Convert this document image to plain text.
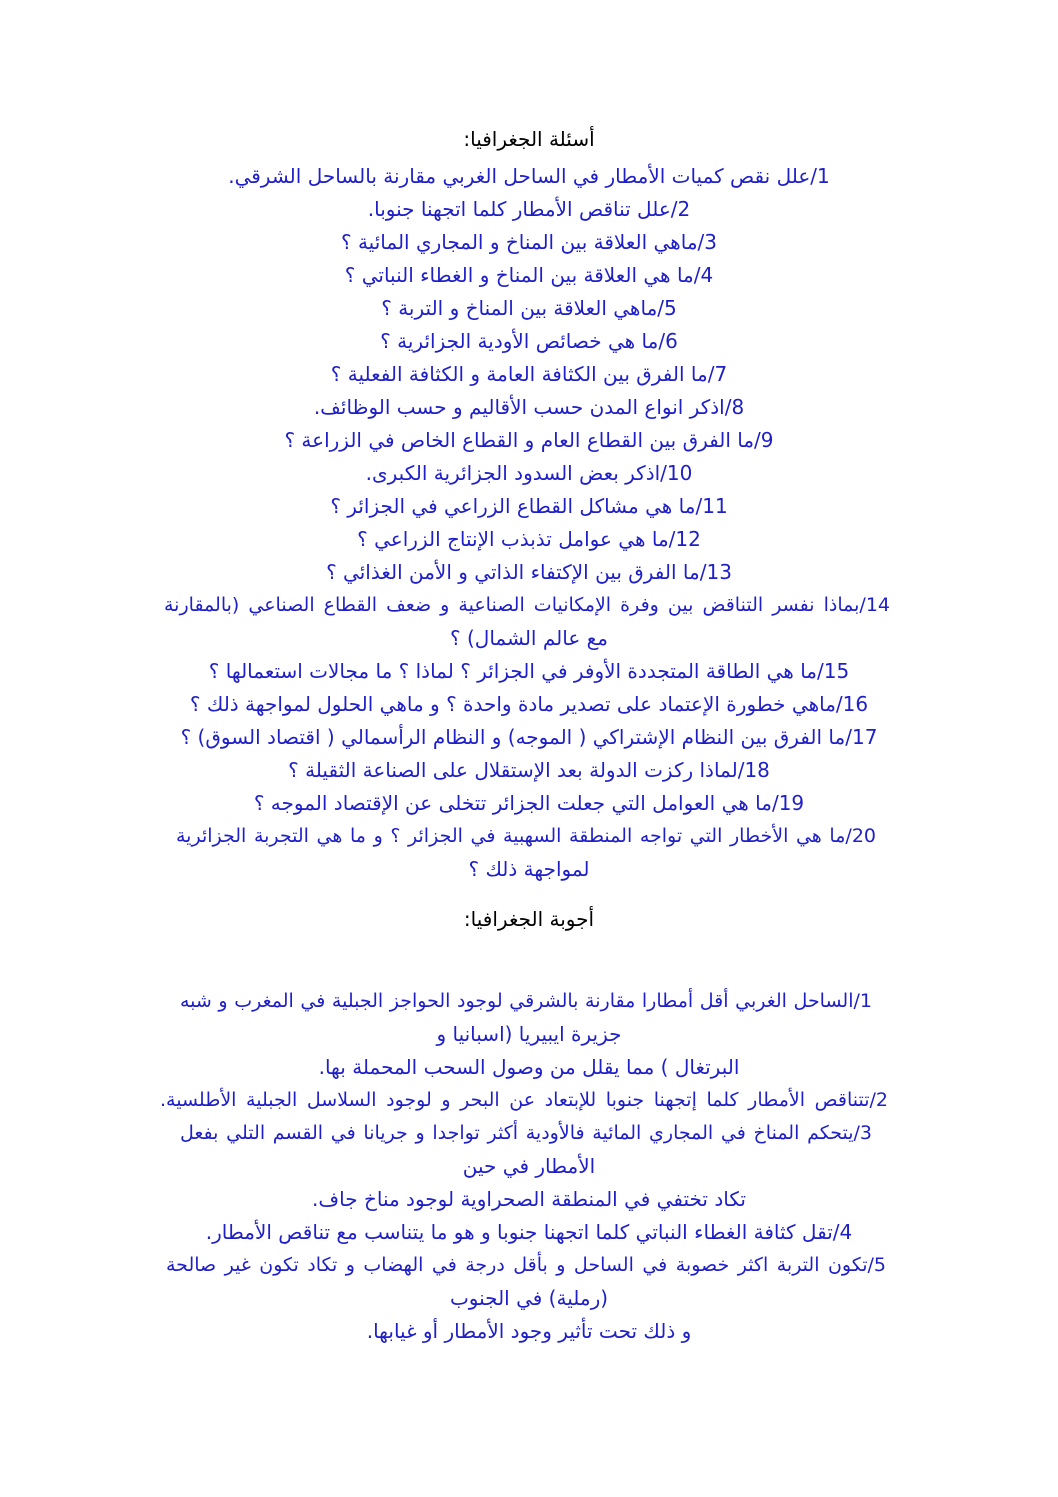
أسئلة الجغرافيا:

1/علل نقص كميات الأمطار في الساحل الغربي مقارنة بالساحل الشرقي.

2/علل تناقص الأمطار كلما اتجهنا جنوبا.

3/ماهي العلاقة بين المناخ و المجاري المائية ؟

4/ما هي العلاقة بين المناخ و الغطاء النباتي ؟

5/ماهي العلاقة بين المناخ و التربة ؟

6/ما هي خصائص الأودية الجزائرية ؟

7/ما الفرق بين الكثافة العامة و الكثافة الفعلية ؟

8/اذكر انواع المدن حسب الأقاليم و حسب الوظائف.

9/ما الفرق بين القطاع العام و القطاع الخاص في الزراعة ؟

10/اذكر بعض السدود الجزائرية الكبرى.

11/ما هي مشاكل القطاع الزراعي في الجزائر ؟

12/ما هي عوامل تذبذب الإنتاج الزراعي ؟

13/ما الفرق بين الإكتفاء الذاتي و الأمن الغذائي ؟

14/بماذا نفسر التناقض بين وفرة الإمكانيات الصناعية و ضعف القطاع الصناعي (بالمقارنة

مع عالم الشمال) ؟

15/ما هي الطاقة المتجددة الأوفر في الجزائر ؟ لماذا ؟ ما مجالات استعمالها ؟

16/ماهي خطورة الإعتماد على تصدير مادة واحدة ؟ و ماهي الحلول لمواجهة ذلك ؟

17/ما الفرق بين النظام الإشتراكي ( الموجه) و النظام الرأسمالي ( اقتصاد السوق) ؟

18/لماذا ركزت الدولة بعد الإستقلال على الصناعة الثقيلة ؟

19/ما هي العوامل التي جعلت الجزائر تتخلى عن الإقتصاد الموجه ؟

20/ما هي الأخطار التي تواجه المنطقة السهبية في الجزائر ؟ و ما هي التجربة الجزائرية

لمواجهة ذلك ؟

أجوبة الجغرافيا:

1/الساحل الغربي أقل أمطارا مقارنة بالشرقي لوجود الحواجز الجبلية في المغرب و شبه

جزيرة ايبيريا (اسبانيا و

البرتغال ) مما يقلل من وصول السحب المحملة بها.

2/تتناقص الأمطار كلما إتجهنا جنوبا للإبتعاد عن البحر و لوجود السلاسل الجبلية الأطلسية.

3/يتحكم المناخ في المجاري المائية فالأودية أكثر تواجدا و جريانا في القسم التلي بفعل

الأمطار في حين

تكاد تختفي في المنطقة الصحراوية لوجود مناخ جاف.

4/تقل كثافة الغطاء النباتي كلما اتجهنا جنوبا و هو ما يتناسب مع تناقص الأمطار.

5/تكون التربة اكثر خصوبة في الساحل و بأقل درجة في الهضاب و تكاد تكون غير صالحة

(رملية) في الجنوب

و ذلك تحت تأثير وجود الأمطار أو غيابها.
